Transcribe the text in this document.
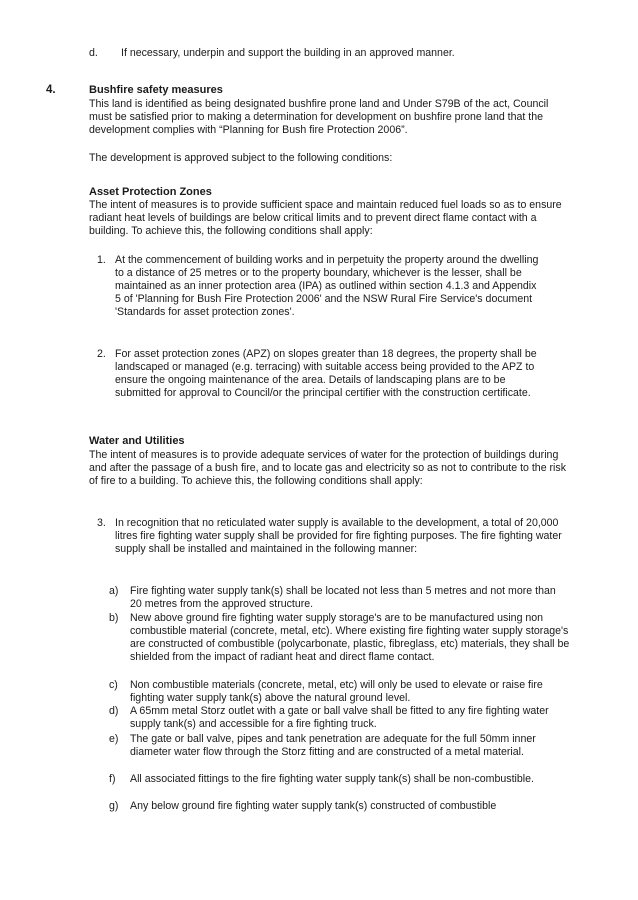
d. If necessary, underpin and support the building in an approved manner.

4.	Bushfire safety measures

This land is identified as being designated bushfire prone land and Under S79B of the act, Council must be satisfied prior to making a determination for development on bushfire prone land that the development complies with “Planning for Bush fire Protection 2006”.

The development is approved subject to the following conditions:

Asset Protection Zones

The intent of measures is to provide sufficient space and maintain reduced fuel loads so as to ensure radiant heat levels of buildings are below critical limits and to prevent direct flame contact with a building. To achieve this, the following conditions shall apply:

1. At the commencement of building works and in perpetuity the property around the dwelling to a distance of 25 metres or to the property boundary, whichever is the lesser, shall be maintained as an inner protection area (IPA) as outlined within section 4.1.3 and Appendix 5 of 'Planning for Bush Fire Protection 2006' and the NSW Rural Fire Service's document 'Standards for asset protection zones'.

2. For asset protection zones (APZ) on slopes greater than 18 degrees, the property shall be landscaped or managed (e.g. terracing) with suitable access being provided to the APZ to ensure the ongoing maintenance of the area. Details of landscaping plans are to be submitted for approval to Council/or the principal certifier with the construction certificate.

Water and Utilities

The intent of measures is to provide adequate services of water for the protection of buildings during and after the passage of a bush fire, and to locate gas and electricity so as not to contribute to the risk of fire to a building. To achieve this, the following conditions shall apply:

3. In recognition that no reticulated water supply is available to the development, a total of 20,000 litres fire fighting water supply shall be provided for fire fighting purposes. The fire fighting water supply shall be installed and maintained in the following manner:

a) Fire fighting water supply tank(s) shall be located not less than 5 metres and not more than 20 metres from the approved structure.

b) New above ground fire fighting water supply storage's are to be manufactured using non combustible material (concrete, metal, etc). Where existing fire fighting water supply storage's are constructed of combustible (polycarbonate, plastic, fibreglass, etc) materials, they shall be shielded from the impact of radiant heat and direct flame contact.

c) Non combustible materials (concrete, metal, etc) will only be used to elevate or raise fire fighting water supply tank(s) above the natural ground level.

d) A 65mm metal Storz outlet with a gate or ball valve shall be fitted to any fire fighting water supply tank(s) and accessible for a fire fighting truck.

e) The gate or ball valve, pipes and tank penetration are adequate for the full 50mm inner diameter water flow through the Storz fitting and are constructed of a metal material.

f) All associated fittings to the fire fighting water supply tank(s) shall be non-combustible.

g) Any below ground fire fighting water supply tank(s) constructed of combustible
